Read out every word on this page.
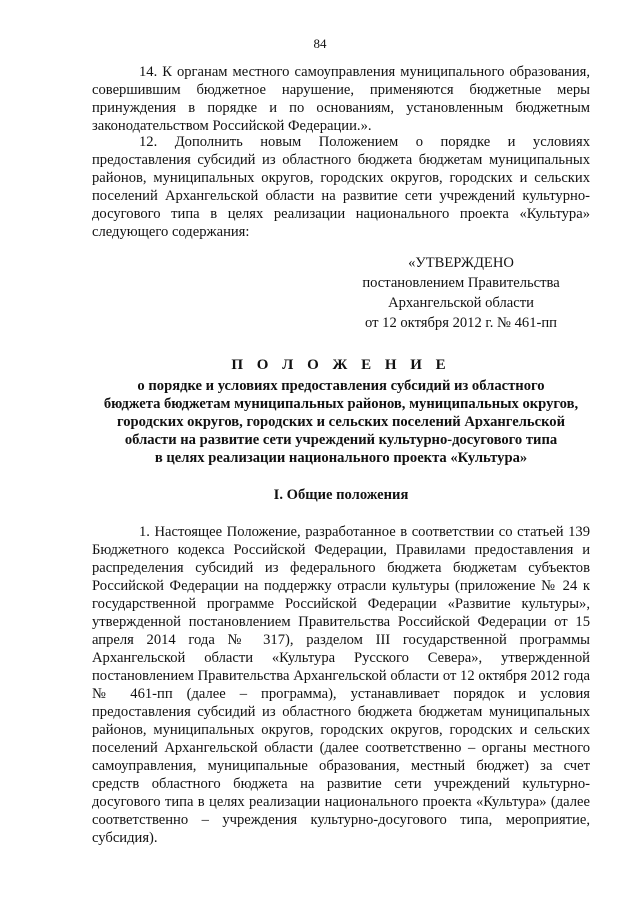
84

14. К органам местного самоуправления муниципального образования, совершившим бюджетное нарушение, применяются бюджетные меры принуждения в порядке и по основаниям, установленным бюджетным законодательством Российской Федерации.».

12. Дополнить новым Положением о порядке и условиях предоставления субсидий из областного бюджета бюджетам муниципальных районов, муниципальных округов, городских округов, городских и сельских поселений Архангельской области на развитие сети учреждений культурно-досугового типа в целях реализации национального проекта «Культура» следующего содержания:

«УТВЕРЖДЕНО
постановлением Правительства
Архангельской области
от 12 октября 2012 г. № 461-пп
П О Л О Ж Е Н И Е
о порядке и условиях предоставления субсидий из областного
бюджета бюджетам муниципальных районов, муниципальных округов,
городских округов, городских и сельских поселений Архангельской
области на развитие сети учреждений культурно-досугового типа
в целях реализации национального проекта «Культура»
I. Общие положения

1. Настоящее Положение, разработанное в соответствии со статьей 139 Бюджетного кодекса Российской Федерации, Правилами предоставления и распределения субсидий из федерального бюджета бюджетам субъектов Российской Федерации на поддержку отрасли культуры (приложение № 24 к государственной программе Российской Федерации «Развитие культуры», утвержденной постановлением Правительства Российской Федерации от 15 апреля 2014 года № 317), разделом III государственной программы Архангельской области «Культура Русского Севера», утвержденной постановлением Правительства Архангельской области от 12 октября 2012 года № 461-пп (далее – программа), устанавливает порядок и условия предоставления субсидий из областного бюджета бюджетам муниципальных районов, муниципальных округов, городских округов, городских и сельских поселений Архангельской области (далее соответственно – органы местного самоуправления, муниципальные образования, местный бюджет) за счет средств областного бюджета на развитие сети учреждений культурно-досугового типа в целях реализации национального проекта «Культура» (далее соответственно – учреждения культурно-досугового типа, мероприятие, субсидия).
